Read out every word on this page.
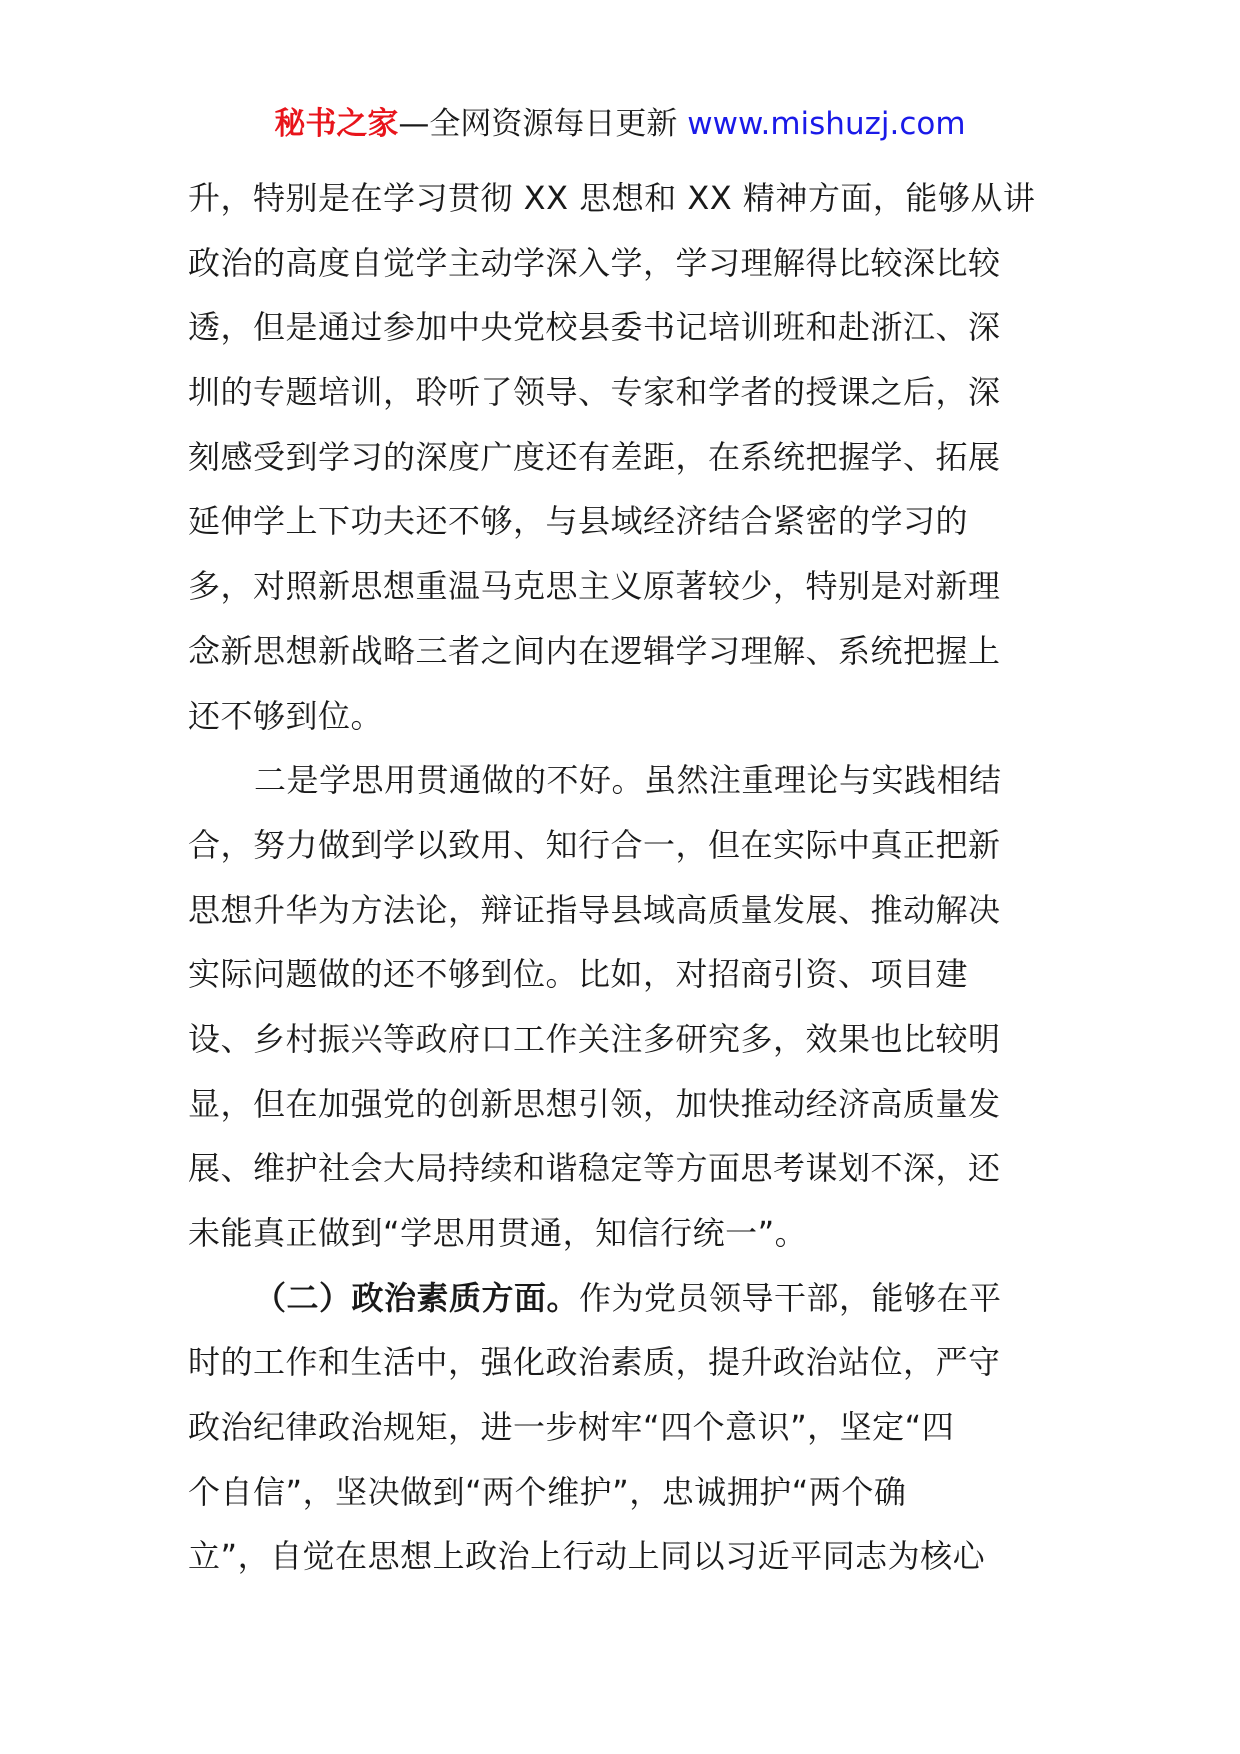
秘书之家—全网资源每日更新 www.mishuzj.com
升，特别是在学习贯彻 XX 思想和 XX 精神方面，能够从讲
政治的高度自觉学主动学深入学，学习理解得比较深比较
透，但是通过参加中央党校县委书记培训班和赴浙江、深
圳的专题培训，聆听了领导、专家和学者的授课之后，深
刻感受到学习的深度广度还有差距，在系统把握学、拓展
延伸学上下功夫还不够，与县域经济结合紧密的学习的
多，对照新思想重温马克思主义原著较少，特别是对新理
念新思想新战略三者之间内在逻辑学习理解、系统把握上
还不够到位。
二是学思用贯通做的不好。虽然注重理论与实践相结
合，努力做到学以致用、知行合一，但在实际中真正把新
思想升华为方法论，辩证指导县域高质量发展、推动解决
实际问题做的还不够到位。比如，对招商引资、项目建
设、乡村振兴等政府口工作关注多研究多，效果也比较明
显，但在加强党的创新思想引领，加快推动经济高质量发
展、维护社会大局持续和谐稳定等方面思考谋划不深，还
未能真正做到“学思用贯通，知信行统一”。
（二）政治素质方面。作为党员领导干部，能够在平
时的工作和生活中，强化政治素质，提升政治站位，严守
政治纪律政治规矩，进一步树牢“四个意识”，坚定“四
个自信”，坚决做到“两个维护”，忠诚拥护“两个确
立”，自觉在思想上政治上行动上同以习近平同志为核心
